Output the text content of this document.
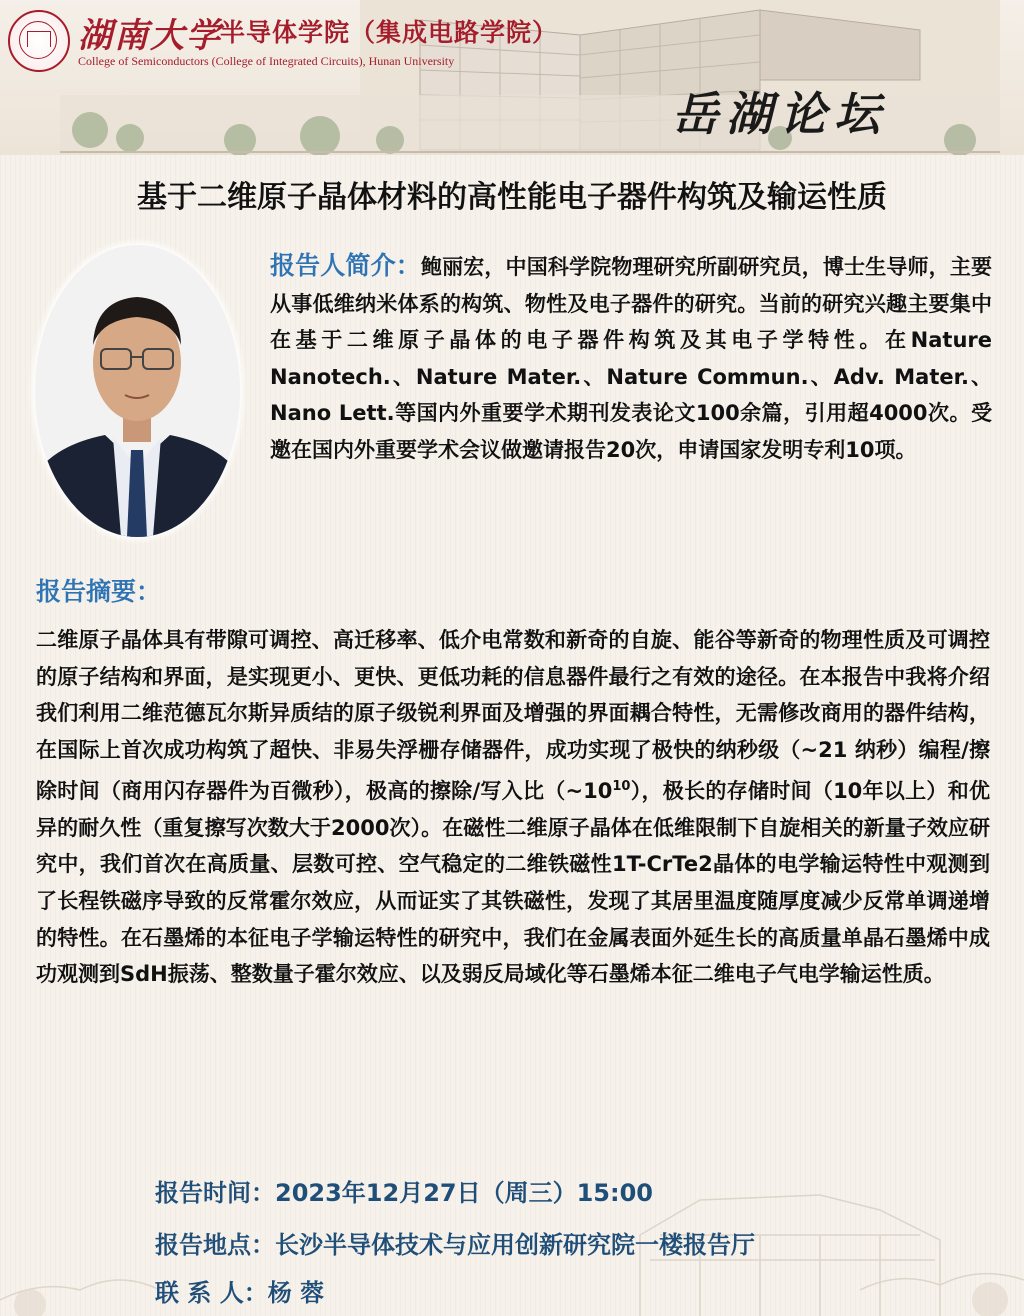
湖南大学
半导体学院（集成电路学院）
College of Semiconductors (College of Integrated Circuits), Hunan University
岳湖论坛
基于二维原子晶体材料的高性能电子器件构筑及输运性质
报告人简介：鲍丽宏，中国科学院物理研究所副研究员，博士生导师，主要从事低维纳米体系的构筑、物性及电子器件的研究。当前的研究兴趣主要集中在基于二维原子晶体的电子器件构筑及其电子学特性。在Nature Nanotech.、Nature Mater.、Nature Commun.、Adv. Mater.、Nano Lett.等国内外重要学术期刊发表论文100余篇，引用超4000次。受邀在国内外重要学术会议做邀请报告20次，申请国家发明专利10项。
报告摘要：
二维原子晶体具有带隙可调控、高迁移率、低介电常数和新奇的自旋、能谷等新奇的物理性质及可调控的原子结构和界面，是实现更小、更快、更低功耗的信息器件最行之有效的途径。在本报告中我将介绍我们利用二维范德瓦尔斯异质结的原子级锐利界面及增强的界面耦合特性，无需修改商用的器件结构，在国际上首次成功构筑了超快、非易失浮栅存储器件，成功实现了极快的纳秒级（~21 纳秒）编程/擦除时间（商用闪存器件为百微秒），极高的擦除/写入比$(\sim 10^{10})$，极长的存储时间（10年以上）和优异的耐久性（重复擦写次数大于2000次）。在磁性二维原子晶体在低维限制下自旋相关的新量子效应研究中，我们首次在高质量、层数可控、空气稳定的二维铁磁性1T-CrTe2晶体的电学输运特性中观测到了长程铁磁序导致的反常霍尔效应，从而证实了其铁磁性，发现了其居里温度随厚度减少反常单调递增的特性。在石墨烯的本征电子学输运特性的研究中，我们在金属表面外延生长的高质量单晶石墨烯中成功观测到SdH振荡、整数量子霍尔效应、以及弱反局域化等石墨烯本征二维电子气电学输运性质。
报告时间：2023年12月27日（周三）15:00
报告地点：长沙半导体技术与应用创新研究院一楼报告厅
联 系 人：杨 蓉
